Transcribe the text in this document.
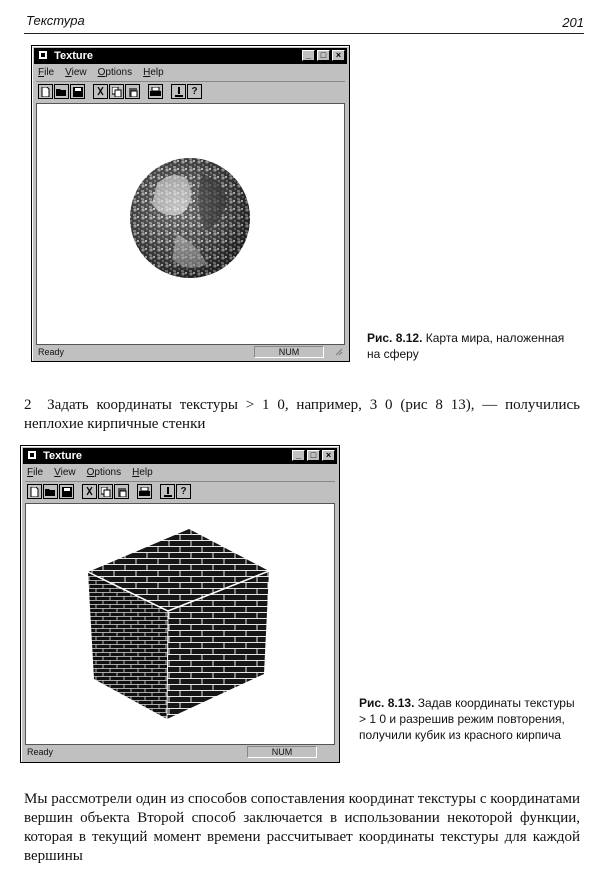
Текстура	201
Texture	_	□	×
File View Options Help
?
Ready	NUM
Рис. 8.12. Карта мира, наложенная на сферу
2 Задать координаты текстуры > 1 0, например, 3 0 (рис 8 13), — получились неплохие кирпичные стенки
Texture	_	□	×
File View Options Help
?
Ready	NUM
Рис. 8.13. Задав координаты текстуры > 1 0 и разрешив режим повторения, получили кубик из красного кирпича
Мы рассмотрели один из способов сопоставления координат текстуры с координатами вершин объекта Второй способ заключается в использовании некоторой функции, которая в текущий момент времени рассчитывает координаты текстуры для каждой вершины
